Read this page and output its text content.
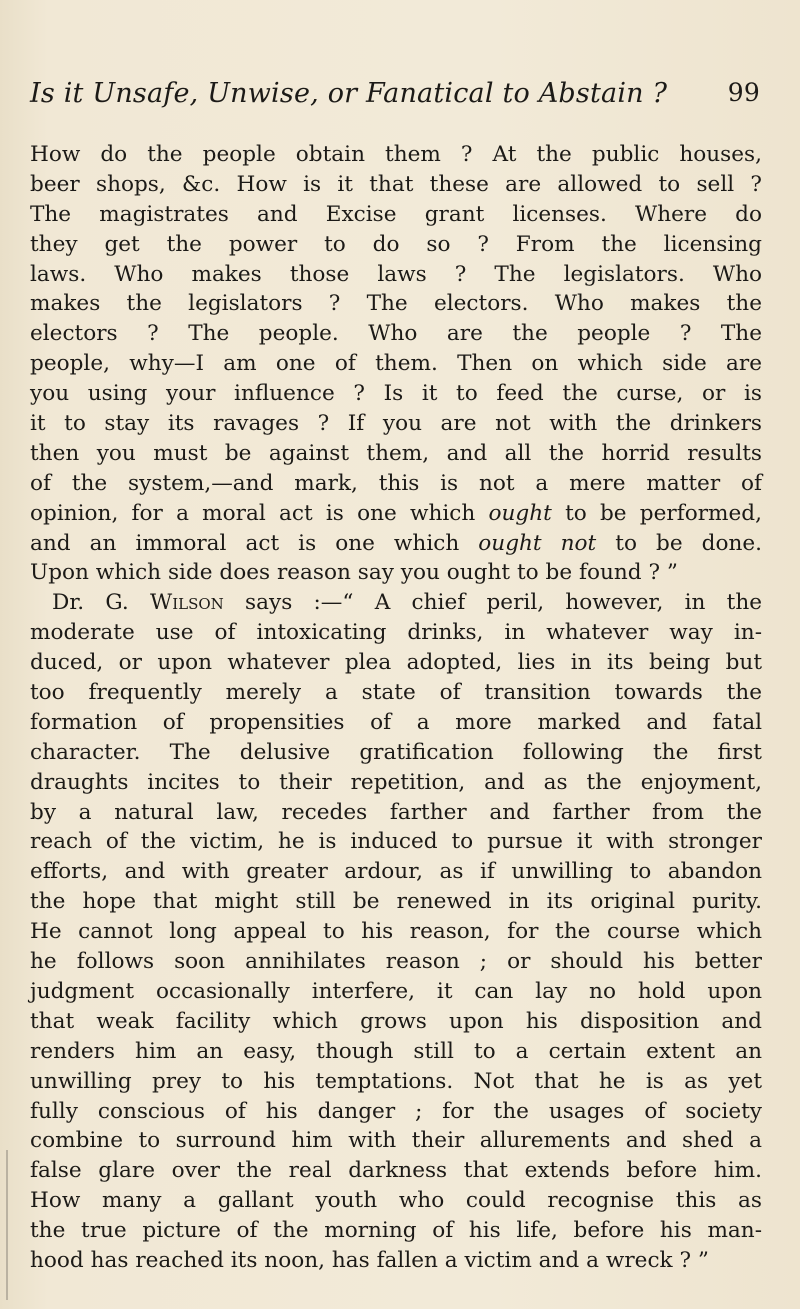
Is it Unsafe, Unwise, or Fanatical to Abstain ? 99
How do the people obtain them ? At the public houses,
beer shops, &c. How is it that these are allowed to sell ?
The magistrates and Excise grant licenses. Where do
they get the power to do so ? From the licensing
laws. Who makes those laws ? The legislators. Who
makes the legislators ? The electors. Who makes the
electors ? The people. Who are the people ? The
people, why—I am one of them. Then on which side are
you using your influence ? Is it to feed the curse, or is
it to stay its ravages ? If you are not with the drinkers
then you must be against them, and all the horrid results
of the system,—and mark, this is not a mere matter of
opinion, for a moral act is one which ought to be performed,
and an immoral act is one which ought not to be done.
Upon which side does reason say you ought to be found ? ”
Dr. G. Wilson says :—“ A chief peril, however, in the
moderate use of intoxicating drinks, in whatever way in-
duced, or upon whatever plea adopted, lies in its being but
too frequently merely a state of transition towards the
formation of propensities of a more marked and fatal
character. The delusive gratification following the first
draughts incites to their repetition, and as the enjoyment,
by a natural law, recedes farther and farther from the
reach of the victim, he is induced to pursue it with stronger
efforts, and with greater ardour, as if unwilling to abandon
the hope that might still be renewed in its original purity.
He cannot long appeal to his reason, for the course which
he follows soon annihilates reason ; or should his better
judgment occasionally interfere, it can lay no hold upon
that weak facility which grows upon his disposition and
renders him an easy, though still to a certain extent an
unwilling prey to his temptations. Not that he is as yet
fully conscious of his danger ; for the usages of society
combine to surround him with their allurements and shed a
false glare over the real darkness that extends before him.
How many a gallant youth who could recognise this as
the true picture of the morning of his life, before his man-
hood has reached its noon, has fallen a victim and a wreck ? ”
